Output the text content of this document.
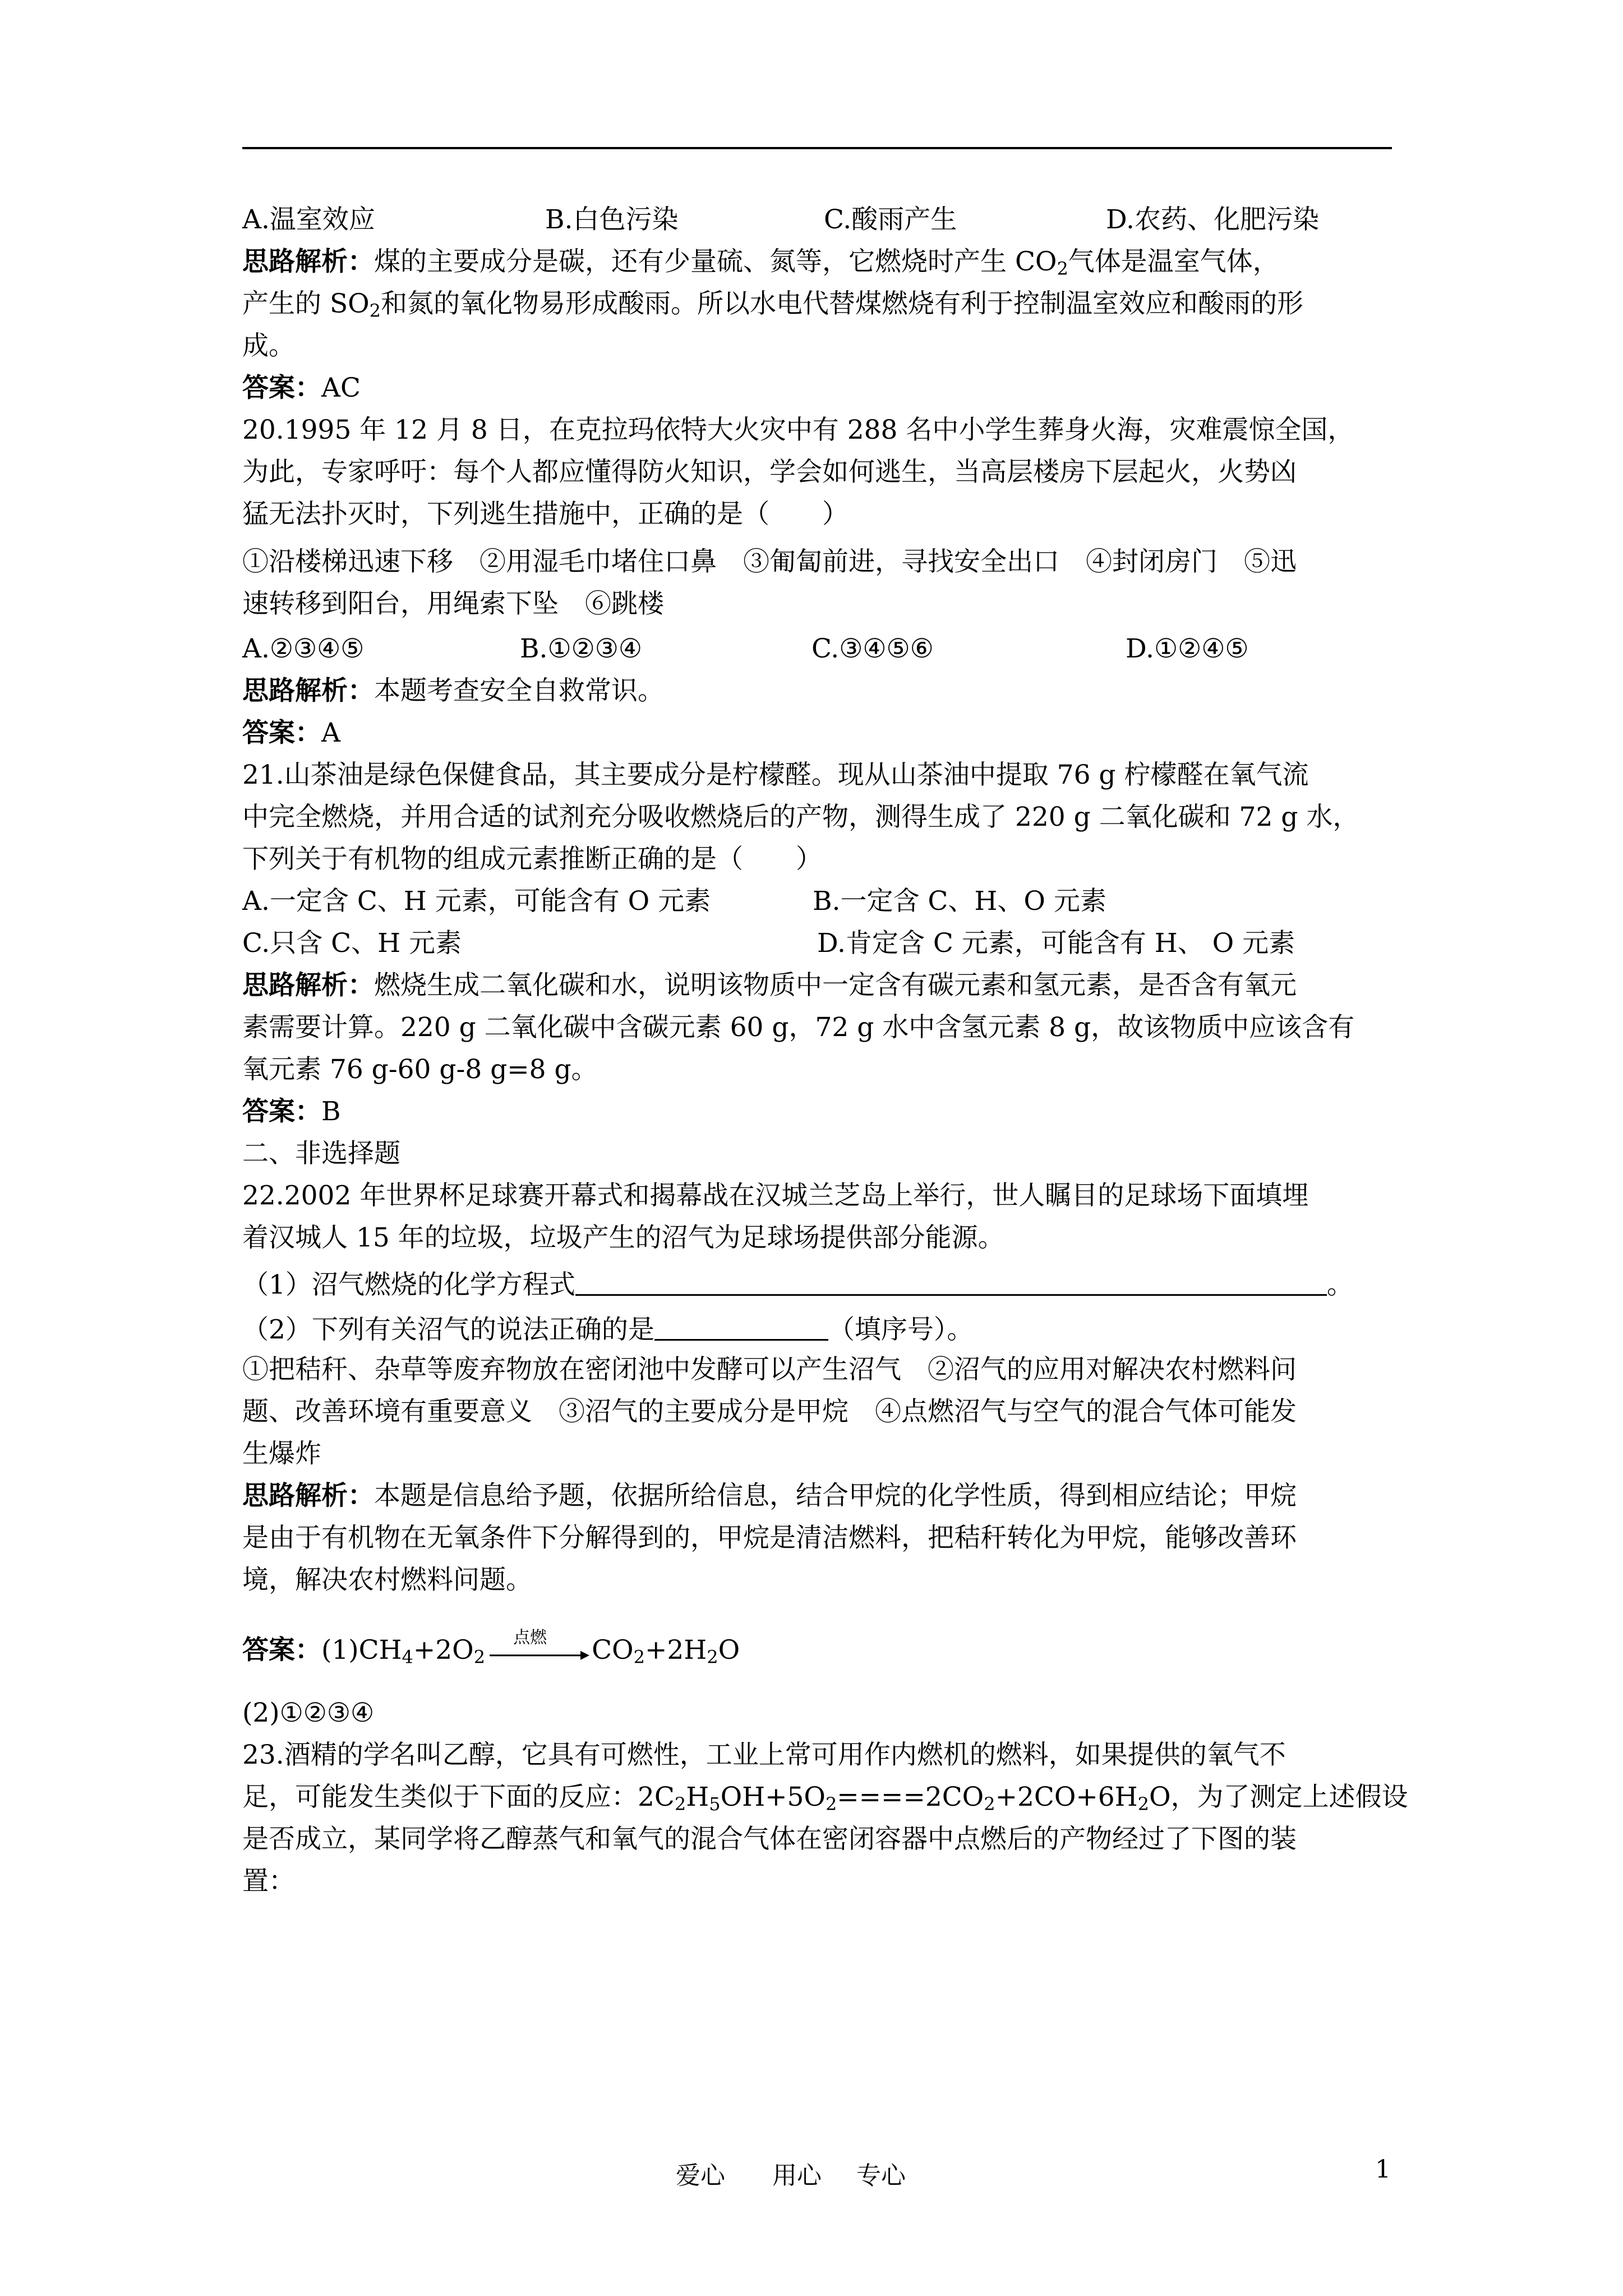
A.温室效应	B.白色污染	C.酸雨产生	D.农药、化肥污染
思路解析：煤的主要成分是碳，还有少量硫、氮等，它燃烧时产生 $CO_2$气体是温室气体，
产生的 $SO_2$和氮的氧化物易形成酸雨。所以水电代替煤燃烧有利于控制温室效应和酸雨的形
成。
答案：AC
20.1995 年 12 月 8 日，在克拉玛依特大火灾中有 288 名中小学生葬身火海，灾难震惊全国，
为此，专家呼吁：每个人都应懂得防火知识，学会如何逃生，当高层楼房下层起火，火势凶
猛无法扑灭时，下列逃生措施中，正确的是（　　）
①沿楼梯迅速下移　②用湿毛巾堵住口鼻　③匍匐前进，寻找安全出口　④封闭房门　⑤迅
速转移到阳台，用绳索下坠　⑥跳楼
A.②③④⑤	B.①②③④	C.③④⑤⑥	D.①②④⑤
思路解析：本题考查安全自救常识。
答案：A
21.山茶油是绿色保健食品，其主要成分是柠檬醛。现从山茶油中提取 76 g 柠檬醛在氧气流
中完全燃烧，并用合适的试剂充分吸收燃烧后的产物，测得生成了 220 g 二氧化碳和 72 g 水，
下列关于有机物的组成元素推断正确的是（　　）
A.一定含 C、H 元素，可能含有 O 元素	B.一定含 C、H、O 元素
C.只含 C、H 元素	D.肯定含 C 元素，可能含有 H、 O 元素
思路解析：燃烧生成二氧化碳和水，说明该物质中一定含有碳元素和氢元素，是否含有氧元
素需要计算。220 g 二氧化碳中含碳元素 60 g，72 g 水中含氢元素 8 g，故该物质中应该含有
氧元素 76 g-60 g-8 g=8 g。
答案：B
二、非选择题
22.2002 年世界杯足球赛开幕式和揭幕战在汉城兰芝岛上举行，世人瞩目的足球场下面填埋
着汉城人 15 年的垃圾，垃圾产生的沼气为足球场提供部分能源。
（1）沼气燃烧的化学方程式	。
（2）下列有关沼气的说法正确的是	（填序号）。
①把秸秆、杂草等废弃物放在密闭池中发酵可以产生沼气　②沼气的应用对解决农村燃料问
题、改善环境有重要意义　③沼气的主要成分是甲烷　④点燃沼气与空气的混合气体可能发
生爆炸
思路解析：本题是信息给予题，依据所给信息，结合甲烷的化学性质，得到相应结论；甲烷
是由于有机物在无氧条件下分解得到的，甲烷是清洁燃料，把秸秆转化为甲烷，能够改善环
境，解决农村燃料问题。
答案：$(1)CH_4+2O_2$
点燃 $CO_2+2H_2O$
(2)①②③④
23.酒精的学名叫乙醇，它具有可燃性，工业上常可用作内燃机的燃料，如果提供的氧气不
足，可能发生类似于下面的反应：$2C_2H_5OH+5O_2====2CO_2+2CO+6H_2O$，为了测定上述假设
是否成立，某同学将乙醇蒸气和氧气的混合气体在密闭容器中点燃后的产物经过了下图的装
置：
爱心 用心 专心	1
